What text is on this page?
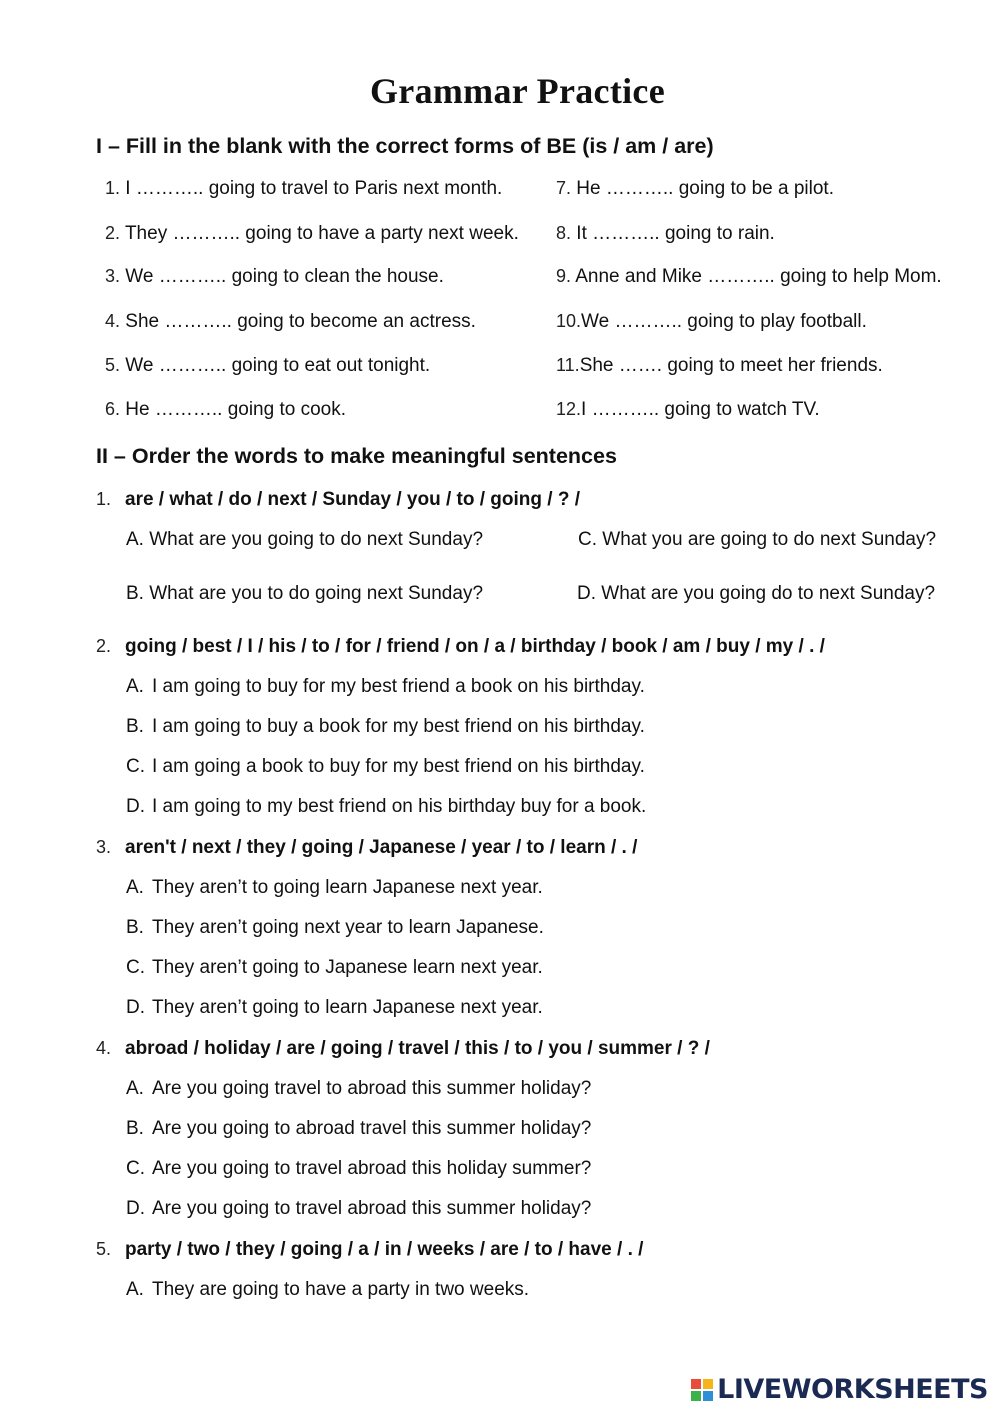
Grammar Practice
I – Fill in the blank with the correct forms of BE (is / am / are)
1. I ……….. going to travel to Paris next month.
2. They ……….. going to have a party next week.
3. We ……….. going to clean the house.
4. She ……….. going to become an actress.
5. We ……….. going to eat out tonight.
6. He ……….. going to cook.
7. He ……….. going to be a pilot.
8. It ……….. going to rain.
9. Anne and Mike ……….. going to help Mom.
10.We ……….. going to play football.
11.She ……. going to meet her friends.
12.I ……….. going to watch TV.
II – Order the words to make meaningful sentences
1. are / what / do / next / Sunday / you / to / going / ? /
A. What are you going to do next Sunday?	C. What you are going to do next Sunday?
B. What are you to do going next Sunday?	D. What are you going do to next Sunday?
2. going / best / I / his / to / for / friend / on / a / birthday / book / am / buy / my / . /
A. I am going to buy for my best friend a book on his birthday.
B. I am going to buy a book for my best friend on his birthday.
C. I am going a book to buy for my best friend on his birthday.
D. I am going to my best friend on his birthday buy for a book.
3. aren't / next / they / going / Japanese / year / to / learn / . /
A. They aren’t to going learn Japanese next year.
B. They aren’t going next year to learn Japanese.
C. They aren’t going to Japanese learn next year.
D. They aren’t going to learn Japanese next year.
4. abroad / holiday / are / going / travel / this / to / you / summer / ? /
A. Are you going travel to abroad this summer holiday?
B. Are you going to abroad travel this summer holiday?
C. Are you going to travel abroad this holiday summer?
D. Are you going to travel abroad this summer holiday?
5. party / two / they / going / a / in / weeks / are / to / have / . /
A. They are going to have a party in two weeks.
LIVEWORKSHEETS
